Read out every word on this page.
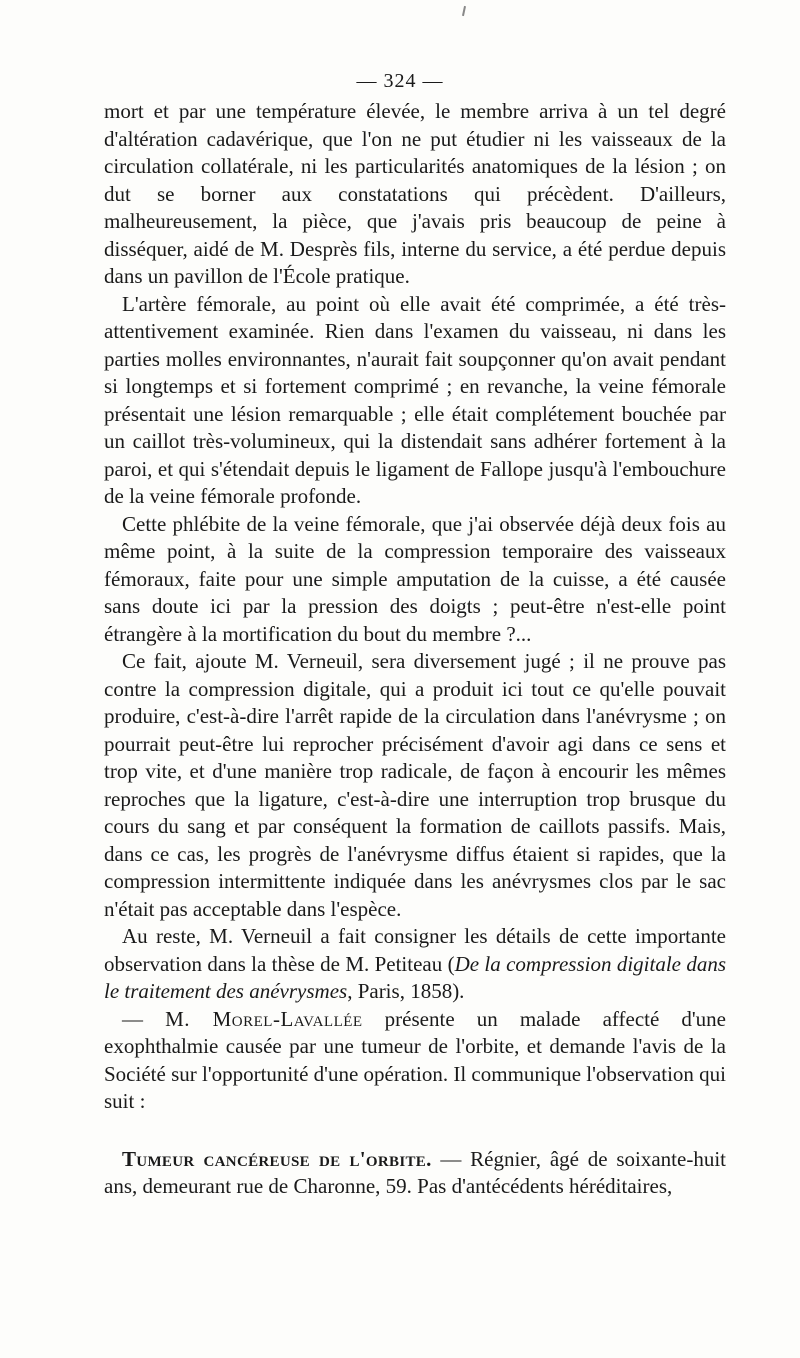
— 324 —

mort et par une température élevée, le membre arriva à un tel degré d'altération cadavérique, que l'on ne put étudier ni les vaisseaux de la circulation collatérale, ni les particularités anatomiques de la lésion ; on dut se borner aux constatations qui précèdent. D'ailleurs, malheureusement, la pièce, que j'avais pris beaucoup de peine à disséquer, aidé de M. Desprès fils, interne du service, a été perdue depuis dans un pavillon de l'École pratique.

L'artère fémorale, au point où elle avait été comprimée, a été très-attentivement examinée. Rien dans l'examen du vaisseau, ni dans les parties molles environnantes, n'aurait fait soupçonner qu'on avait pendant si longtemps et si fortement comprimé ; en revanche, la veine fémorale présentait une lésion remarquable ; elle était complétement bouchée par un caillot très-volumineux, qui la distendait sans adhérer fortement à la paroi, et qui s'étendait depuis le ligament de Fallope jusqu'à l'embouchure de la veine fémorale profonde.

Cette phlébite de la veine fémorale, que j'ai observée déjà deux fois au même point, à la suite de la compression temporaire des vaisseaux fémoraux, faite pour une simple amputation de la cuisse, a été causée sans doute ici par la pression des doigts ; peut-être n'est-elle point étrangère à la mortification du bout du membre ?...

Ce fait, ajoute M. Verneuil, sera diversement jugé ; il ne prouve pas contre la compression digitale, qui a produit ici tout ce qu'elle pouvait produire, c'est-à-dire l'arrêt rapide de la circulation dans l'anévrysme ; on pourrait peut-être lui reprocher précisément d'avoir agi dans ce sens et trop vite, et d'une manière trop radicale, de façon à encourir les mêmes reproches que la ligature, c'est-à-dire une interruption trop brusque du cours du sang et par conséquent la formation de caillots passifs. Mais, dans ce cas, les progrès de l'anévrysme diffus étaient si rapides, que la compression intermittente indiquée dans les anévrysmes clos par le sac n'était pas acceptable dans l'espèce.

Au reste, M. Verneuil a fait consigner les détails de cette importante observation dans la thèse de M. Petiteau (De la compression digitale dans le traitement des anévrysmes, Paris, 1858).

— M. Morel-Lavallée présente un malade affecté d'une exophthalmie causée par une tumeur de l'orbite, et demande l'avis de la Société sur l'opportunité d'une opération. Il communique l'observation qui suit :

Tumeur cancéreuse de l'orbite. — Régnier, âgé de soixante-huit ans, demeurant rue de Charonne, 59. Pas d'antécédents héréditaires,
